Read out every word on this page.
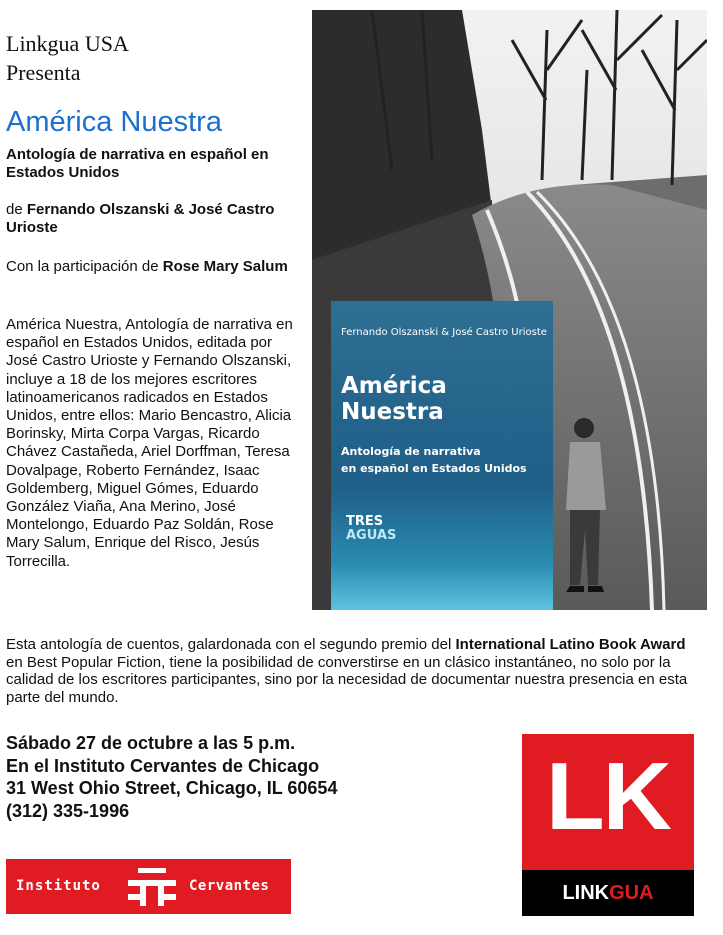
Linkgua USA
Presenta
América Nuestra
Antología de narrativa en español en Estados Unidos
de Fernando Olszanski & José Castro Urioste
Con la participación de Rose Mary Salum
América Nuestra, Antología de narrativa en español en Estados Unidos, editada por José Castro Urioste y Fernando Olszanski, incluye a 18 de los mejores escritores latinoamericanos radicados en Estados Unidos, entre ellos: Mario Bencastro, Alicia Borinsky, Mirta Corpa Vargas, Ricardo Chávez Castañeda, Ariel Dorffman, Teresa Dovalpage, Roberto Fernández, Isaac Goldemberg, Miguel Gómes, Eduardo González Viaña, Ana Merino, José Montelongo, Eduardo Paz Soldán, Rose Mary Salum, Enrique del Risco, Jesús Torrecilla.
Fernando Olszanski & José Castro Urioste
América Nuestra
Antología de narrativa
en español en Estados Unidos
TRES
AGUAS
Esta antología de cuentos, galardonada con el segundo premio del International Latino Book Award en Best Popular Fiction, tiene la posibilidad de converstirse en un clásico instantáneo, no solo por la calidad de los escritores participantes, sino por la necesidad de documentar nuestra presencia en esta parte del mundo.
Sábado 27 de octubre a las 5 p.m.
En el Instituto Cervantes de Chicago
31 West Ohio Street, Chicago, IL 60654
(312) 335-1996
Instituto	Cervantes
LK
LINKGUA
